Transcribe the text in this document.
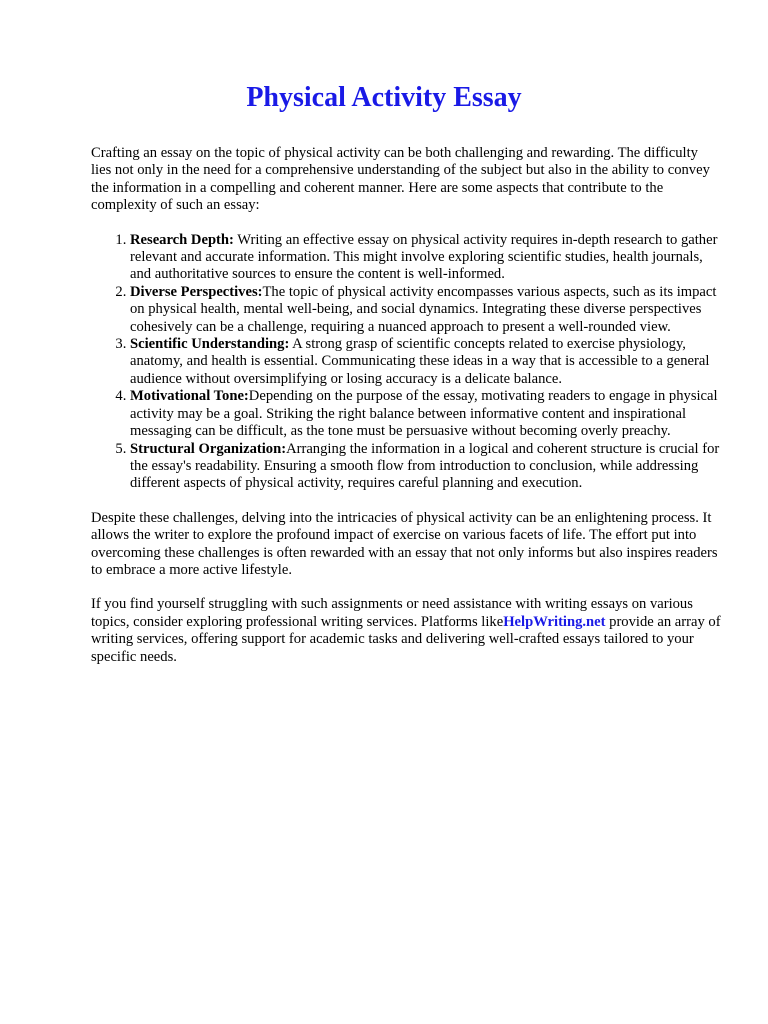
Physical Activity Essay

Crafting an essay on the topic of physical activity can be both challenging and rewarding. The difficulty lies not only in the need for a comprehensive understanding of the subject but also in the ability to convey the information in a compelling and coherent manner. Here are some aspects that contribute to the complexity of such an essay:

1. Research Depth: Writing an effective essay on physical activity requires in-depth research to gather relevant and accurate information. This might involve exploring scientific studies, health journals, and authoritative sources to ensure the content is well-informed.
2. Diverse Perspectives:The topic of physical activity encompasses various aspects, such as its impact on physical health, mental well-being, and social dynamics. Integrating these diverse perspectives cohesively can be a challenge, requiring a nuanced approach to present a well-rounded view.
3. Scientific Understanding: A strong grasp of scientific concepts related to exercise physiology, anatomy, and health is essential. Communicating these ideas in a way that is accessible to a general audience without oversimplifying or losing accuracy is a delicate balance.
4. Motivational Tone:Depending on the purpose of the essay, motivating readers to engage in physical activity may be a goal. Striking the right balance between informative content and inspirational messaging can be difficult, as the tone must be persuasive without becoming overly preachy.
5. Structural Organization:Arranging the information in a logical and coherent structure is crucial for the essay's readability. Ensuring a smooth flow from introduction to conclusion, while addressing different aspects of physical activity, requires careful planning and execution.

Despite these challenges, delving into the intricacies of physical activity can be an enlightening process. It allows the writer to explore the profound impact of exercise on various facets of life. The effort put into overcoming these challenges is often rewarded with an essay that not only informs but also inspires readers to embrace a more active lifestyle.

If you find yourself struggling with such assignments or need assistance with writing essays on various topics, consider exploring professional writing services. Platforms likeHelpWriting.net provide an array of writing services, offering support for academic tasks and delivering well-crafted essays tailored to your specific needs.
